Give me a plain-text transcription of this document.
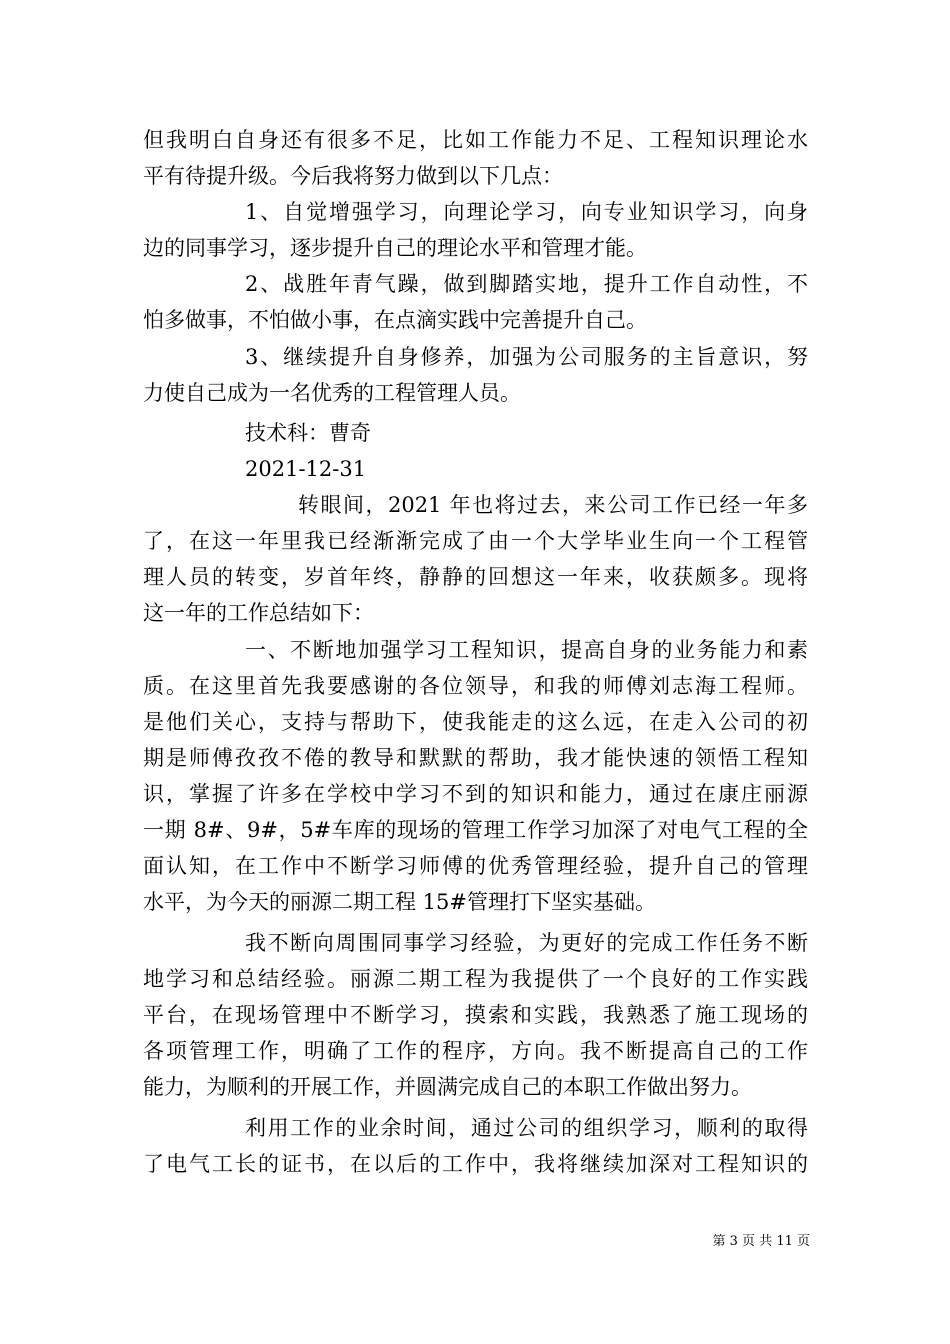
但我明白自身还有很多不足，比如工作能力不足、工程知识理论水
平有待提升级。今后我将努力做到以下几点：
1、自觉增强学习，向理论学习，向专业知识学习，向身
边的同事学习，逐步提升自己的理论水平和管理才能。
2、战胜年青气躁，做到脚踏实地，提升工作自动性，不
怕多做事，不怕做小事，在点滴实践中完善提升自己。
3、继续提升自身修养，加强为公司服务的主旨意识，努
力使自己成为一名优秀的工程管理人员。
技术科：曹奇
2021-12-31
转眼间，2021 年也将过去，来公司工作已经一年多
了，在这一年里我已经渐渐完成了由一个大学毕业生向一个工程管
理人员的转变，岁首年终，静静的回想这一年来，收获颇多。现将
这一年的工作总结如下：
一、不断地加强学习工程知识，提高自身的业务能力和素
质。在这里首先我要感谢的各位领导，和我的师傅刘志海工程师。
是他们关心，支持与帮助下，使我能走的这么远，在走入公司的初
期是师傅孜孜不倦的教导和默默的帮助，我才能快速的领悟工程知
识，掌握了许多在学校中学习不到的知识和能力，通过在康庄丽源
一期 8#、9#，5#车库的现场的管理工作学习加深了对电气工程的全
面认知，在工作中不断学习师傅的优秀管理经验，提升自己的管理
水平，为今天的丽源二期工程 15#管理打下坚实基础。
我不断向周围同事学习经验，为更好的完成工作任务不断
地学习和总结经验。丽源二期工程为我提供了一个良好的工作实践
平台，在现场管理中不断学习，摸索和实践，我熟悉了施工现场的
各项管理工作，明确了工作的程序，方向。我不断提高自己的工作
能力，为顺利的开展工作，并圆满完成自己的本职工作做出努力。
利用工作的业余时间，通过公司的组织学习，顺利的取得
了电气工长的证书，在以后的工作中，我将继续加深对工程知识的
第 3 页 共 11 页
